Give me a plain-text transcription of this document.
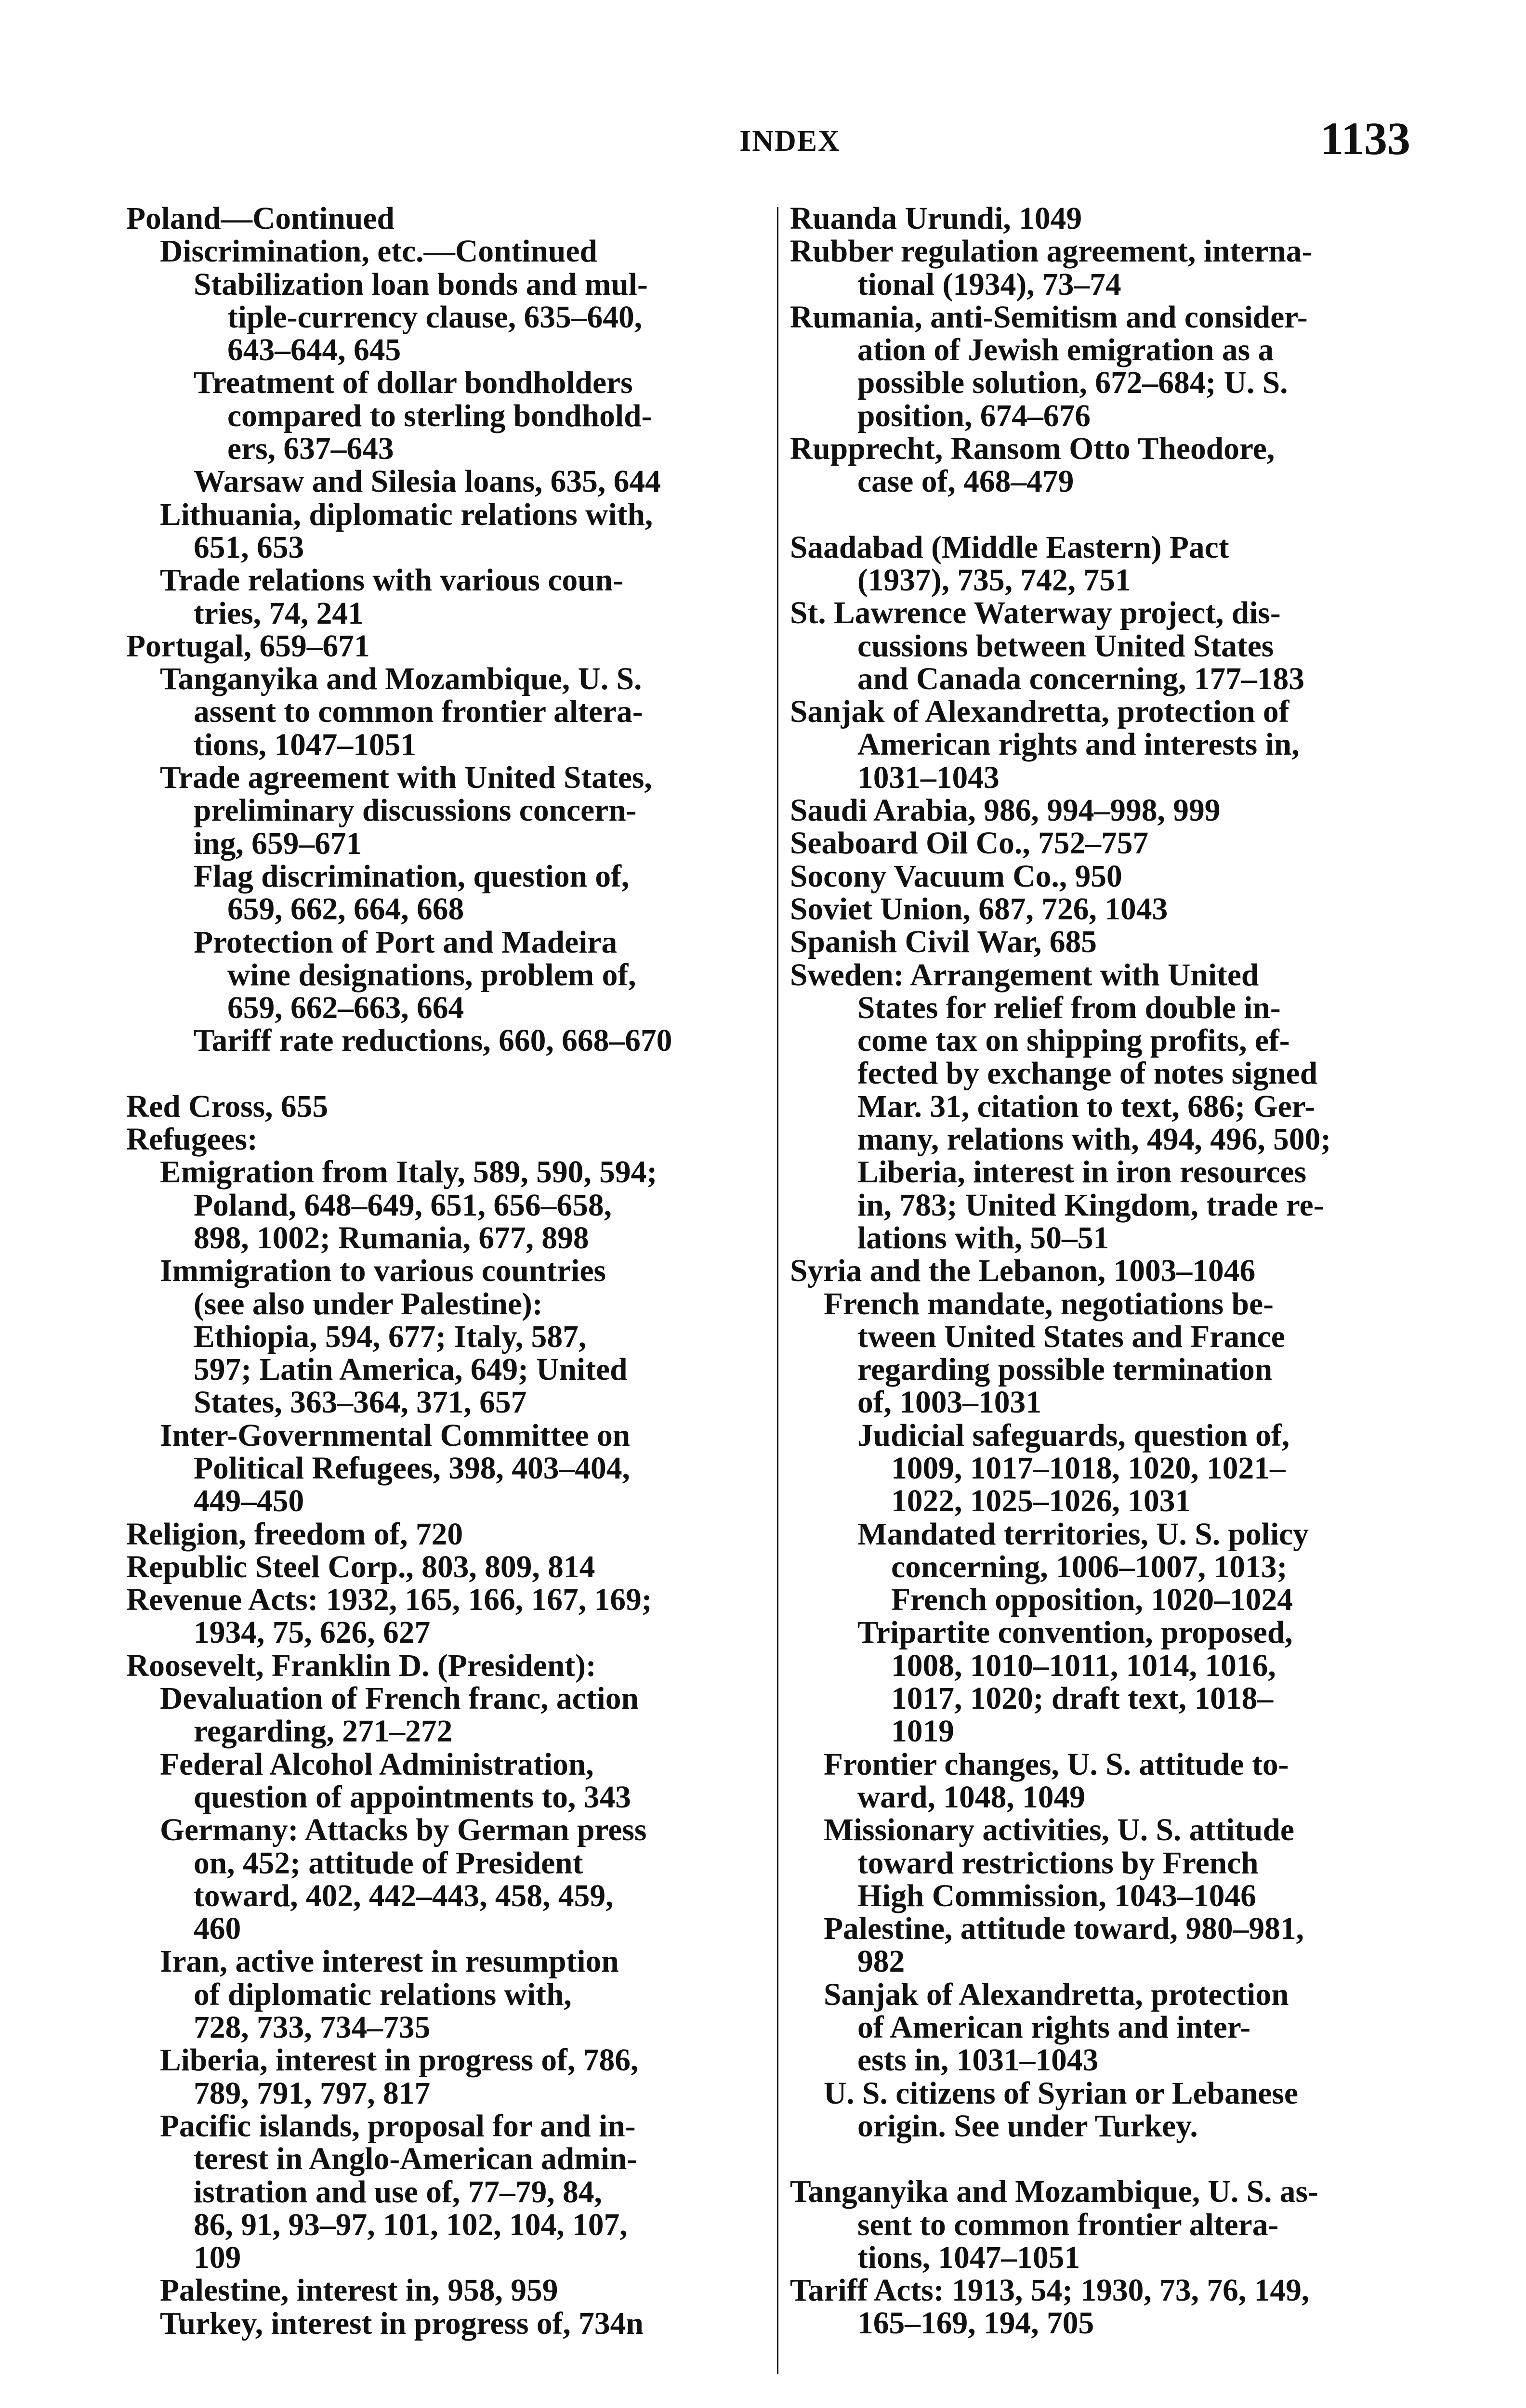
INDEX	1133
Poland—Continued
Discrimination, etc.—Continued
Stabilization loan bonds and mul-
tiple-currency clause, 635–640,
643–644, 645
Treatment of dollar bondholders
compared to sterling bondhold-
ers, 637–643
Warsaw and Silesia loans, 635, 644
Lithuania, diplomatic relations with,
651, 653
Trade relations with various coun-
tries, 74, 241
Portugal, 659–671
Tanganyika and Mozambique, U. S.
assent to common frontier altera-
tions, 1047–1051
Trade agreement with United States,
preliminary discussions concern-
ing, 659–671
Flag discrimination, question of,
659, 662, 664, 668
Protection of Port and Madeira
wine designations, problem of,
659, 662–663, 664
Tariff rate reductions, 660, 668–670
Red Cross, 655
Refugees:
Emigration from Italy, 589, 590, 594;
Poland, 648–649, 651, 656–658,
898, 1002; Rumania, 677, 898
Immigration to various countries
(see also under Palestine):
Ethiopia, 594, 677; Italy, 587,
597; Latin America, 649; United
States, 363–364, 371, 657
Inter-Governmental Committee on
Political Refugees, 398, 403–404,
449–450
Religion, freedom of, 720
Republic Steel Corp., 803, 809, 814
Revenue Acts: 1932, 165, 166, 167, 169;
1934, 75, 626, 627
Roosevelt, Franklin D. (President):
Devaluation of French franc, action
regarding, 271–272
Federal Alcohol Administration,
question of appointments to, 343
Germany: Attacks by German press
on, 452; attitude of President
toward, 402, 442–443, 458, 459,
460
Iran, active interest in resumption
of diplomatic relations with,
728, 733, 734–735
Liberia, interest in progress of, 786,
789, 791, 797, 817
Pacific islands, proposal for and in-
terest in Anglo-American admin-
istration and use of, 77–79, 84,
86, 91, 93–97, 101, 102, 104, 107,
109
Palestine, interest in, 958, 959
Turkey, interest in progress of, 734n
Ruanda Urundi, 1049
Rubber regulation agreement, interna-
tional (1934), 73–74
Rumania, anti-Semitism and consider-
ation of Jewish emigration as a
possible solution, 672–684; U. S.
position, 674–676
Rupprecht, Ransom Otto Theodore,
case of, 468–479
Saadabad (Middle Eastern) Pact
(1937), 735, 742, 751
St. Lawrence Waterway project, dis-
cussions between United States
and Canada concerning, 177–183
Sanjak of Alexandretta, protection of
American rights and interests in,
1031–1043
Saudi Arabia, 986, 994–998, 999
Seaboard Oil Co., 752–757
Socony Vacuum Co., 950
Soviet Union, 687, 726, 1043
Spanish Civil War, 685
Sweden: Arrangement with United
States for relief from double in-
come tax on shipping profits, ef-
fected by exchange of notes signed
Mar. 31, citation to text, 686; Ger-
many, relations with, 494, 496, 500;
Liberia, interest in iron resources
in, 783; United Kingdom, trade re-
lations with, 50–51
Syria and the Lebanon, 1003–1046
French mandate, negotiations be-
tween United States and France
regarding possible termination
of, 1003–1031
Judicial safeguards, question of,
1009, 1017–1018, 1020, 1021–
1022, 1025–1026, 1031
Mandated territories, U. S. policy
concerning, 1006–1007, 1013;
French opposition, 1020–1024
Tripartite convention, proposed,
1008, 1010–1011, 1014, 1016,
1017, 1020; draft text, 1018–
1019
Frontier changes, U. S. attitude to-
ward, 1048, 1049
Missionary activities, U. S. attitude
toward restrictions by French
High Commission, 1043–1046
Palestine, attitude toward, 980–981,
982
Sanjak of Alexandretta, protection
of American rights and inter-
ests in, 1031–1043
U. S. citizens of Syrian or Lebanese
origin. See under Turkey.
Tanganyika and Mozambique, U. S. as-
sent to common frontier altera-
tions, 1047–1051
Tariff Acts: 1913, 54; 1930, 73, 76, 149,
165–169, 194, 705
